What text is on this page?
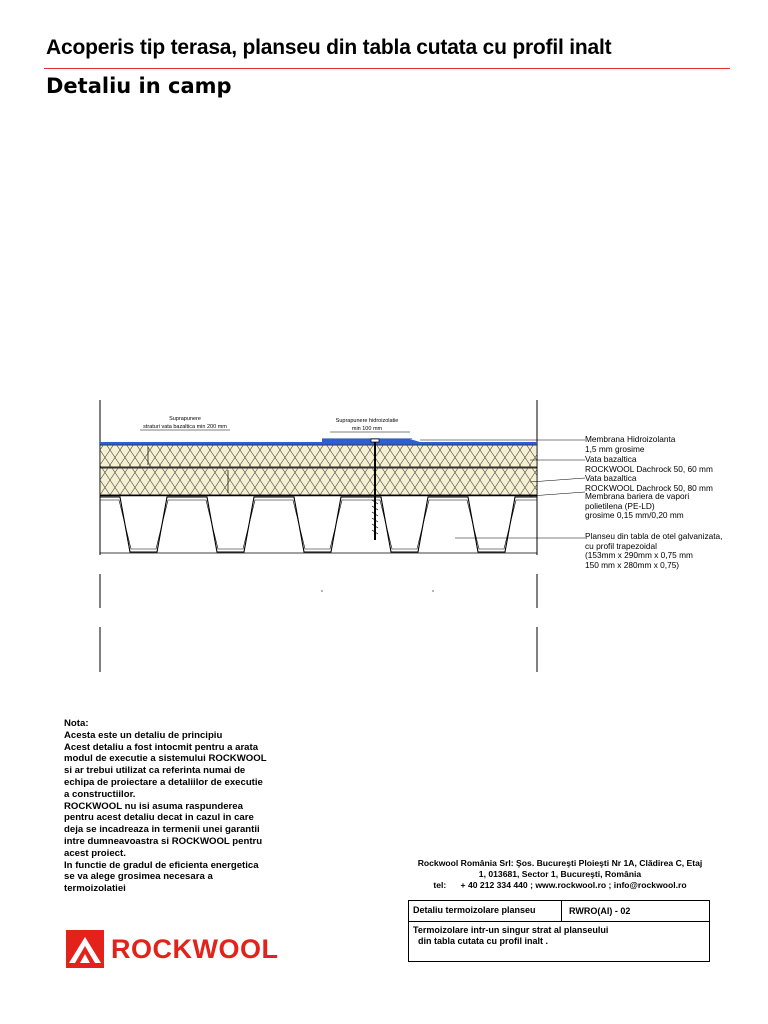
Acoperis tip terasa, planseu din tabla cutata cu profil inalt
Detaliu in camp
Suprapunere
straturi vata bazaltica min 200 mm
Suprapunere hidroizolatie
min 100 mm
Membrana Hidroizolanta
1,5 mm grosime
Vata bazaltica
ROCKWOOL Dachrock 50, 60 mm
Vata bazaltica
ROCKWOOL Dachrock 50, 80 mm
Membrana bariera de vapori
polietilena (PE-LD)
grosime 0,15 mm/0,20 mm
Planseu din tabla de otel galvanizata,
cu profil trapezoidal
(153mm x 290mm x 0,75 mm
150 mm x 280mm x 0,75)
Nota:
Acesta este un detaliu de principiu
Acest detaliu a fost intocmit pentru a arata
modul de executie a sistemului ROCKWOOL
si ar trebui utilizat ca referinta numai de
echipa de proiectare a detaliilor de executie
a constructiilor.
ROCKWOOL nu isi asuma raspunderea
pentru acest detaliu decat in cazul in care
deja se incadreaza in termenii unei garantii
intre dumneavoastra si ROCKWOOL pentru
acest proiect.
In functie de gradul de eficienta energetica
se va alege grosimea necesara a
termoizolatiei
Rockwool România Srl: Şos. Bucureşti Ploieşti Nr 1A, Clădirea C, Etaj
1, 013681, Sector 1, Bucureşti, România
tel:      + 40 212 334 440 ; www.rockwool.ro ; info@rockwool.ro
Detaliu termoizolare planseu	RWRO(AI) - 02
Termoizolare intr-un singur strat al planseului
din tabla cutata cu profil inalt .
ROCKWOOL
